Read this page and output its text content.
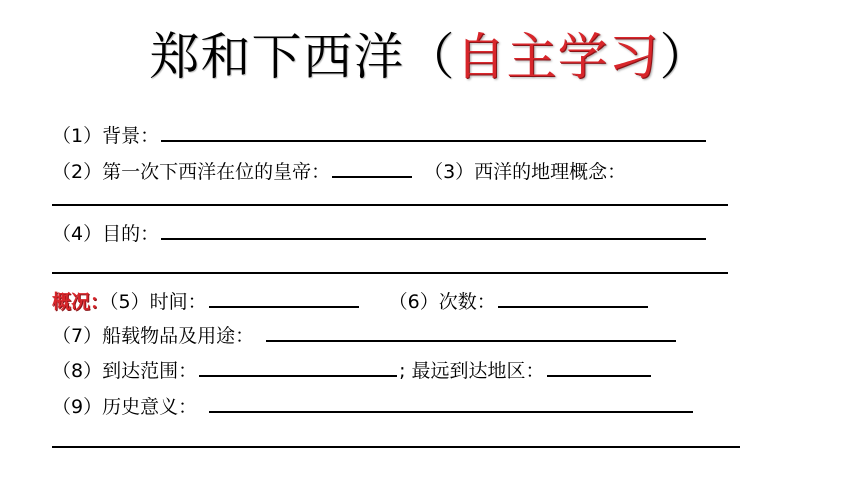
郑和下西洋（自主学习）
（1）背景：
（2）第一次下西洋在位的皇帝：	（3）西洋的地理概念：
（4）目的：
概况：（5）时间：	（6）次数：
（7）船载物品及用途：
（8）到达范围：	; 最远到达地区：
（9）历史意义：
